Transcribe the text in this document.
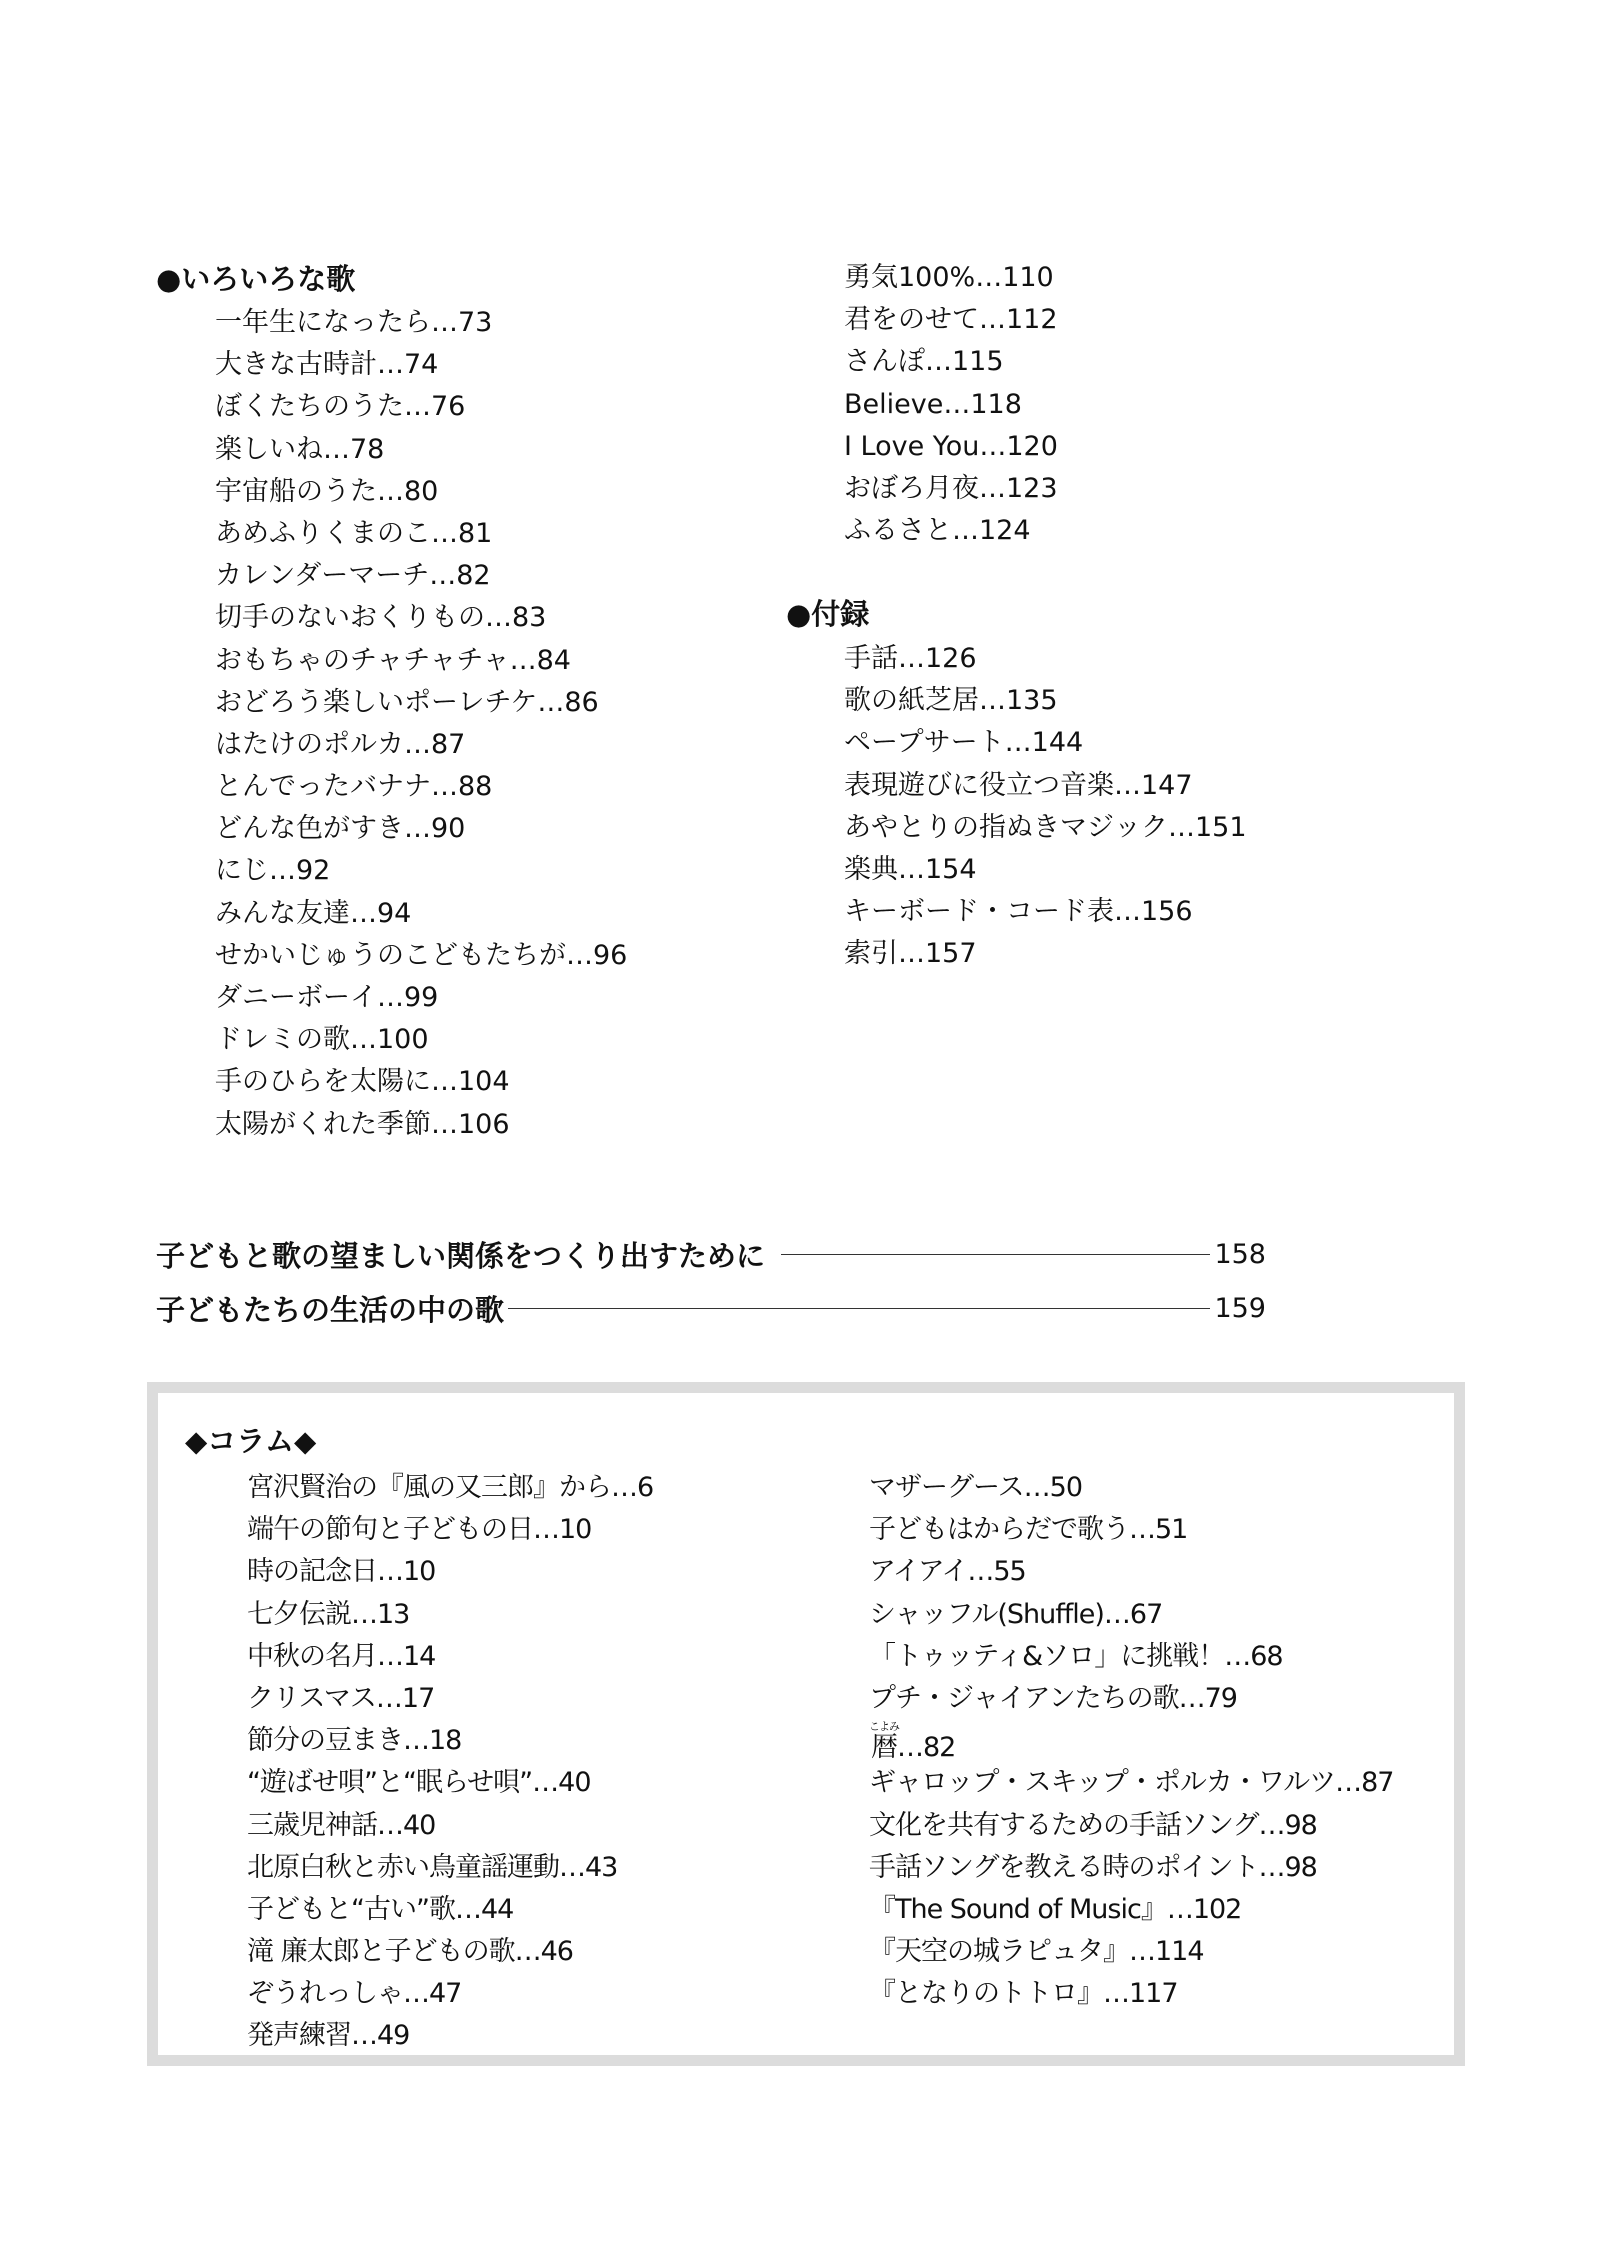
●いろいろな歌
一年生になったら…73
大きな古時計…74
ぼくたちのうた…76
楽しいね…78
宇宙船のうた…80
あめふりくまのこ…81
カレンダーマーチ…82
切手のないおくりもの…83
おもちゃのチャチャチャ…84
おどろう楽しいポーレチケ…86
はたけのポルカ…87
とんでったバナナ…88
どんな色がすき…90
にじ…92
みんな友達…94
せかいじゅうのこどもたちが…96
ダニーボーイ…99
ドレミの歌…100
手のひらを太陽に…104
太陽がくれた季節…106
勇気100%…110
君をのせて…112
さんぽ…115
Believe…118
I Love You…120
おぼろ月夜…123
ふるさと…124
●付録
手話…126
歌の紙芝居…135
ペープサート…144
表現遊びに役立つ音楽…147
あやとりの指ぬきマジック…151
楽典…154
キーボード・コード表…156
索引…157
子どもと歌の望ましい関係をつくり出すために	158
子どもたちの生活の中の歌	159
◆コラム◆
宮沢賢治の『風の又三郎』から…6
端午の節句と子どもの日…10
時の記念日…10
七夕伝説…13
中秋の名月…14
クリスマス…17
節分の豆まき…18
“遊ばせ唄”と“眠らせ唄”…40
三歳児神話…40
北原白秋と赤い鳥童謡運動…43
子どもと“古い”歌…44
滝 廉太郎と子どもの歌…46
ぞうれっしゃ…47
発声練習…49
マザーグース…50
子どもはからだで歌う…51
アイアイ…55
シャッフル(Shuffle)…67
「トゥッティ&ソロ」に挑戦！…68
プチ・ジャイアンたちの歌…79
暦こよみ…82
ギャロップ・スキップ・ポルカ・ワルツ…87
文化を共有するための手話ソング…98
手話ソングを教える時のポイント…98
『The Sound of Music』…102
『天空の城ラピュタ』…114
『となりのトトロ』…117
